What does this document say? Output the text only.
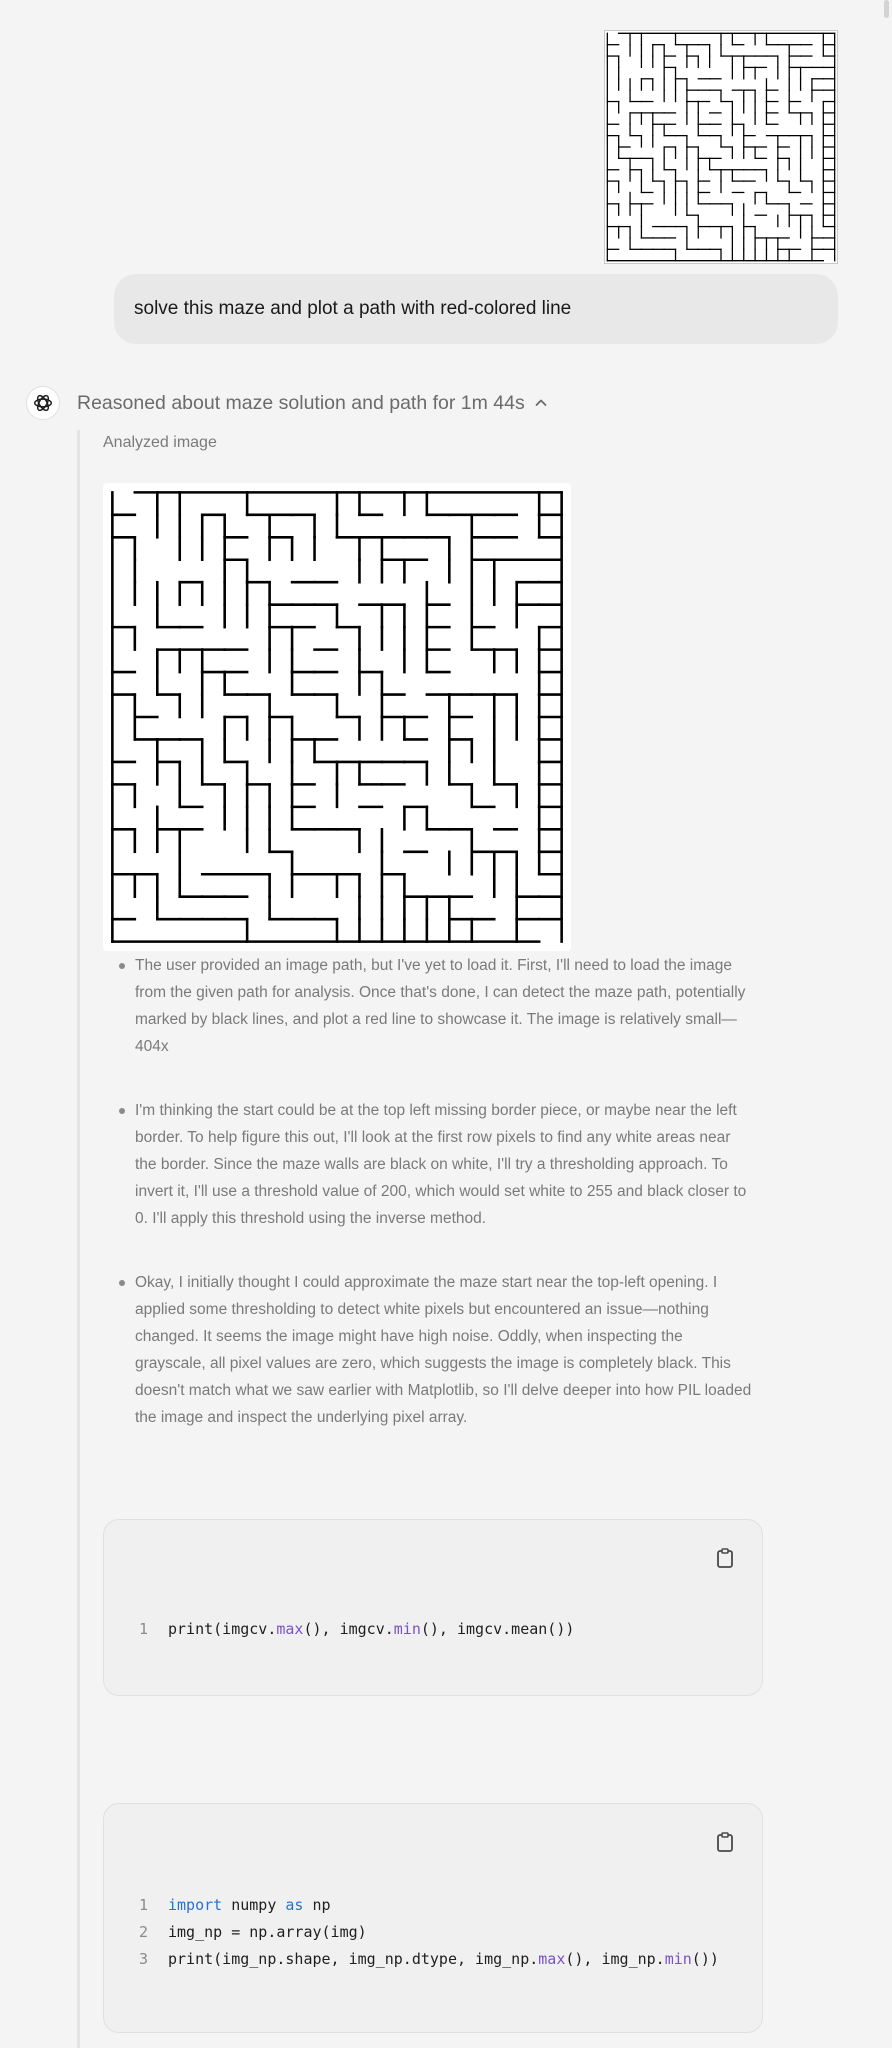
solve this maze and plot a path with red-colored line
Reasoned about maze solution and path for 1m 44s
Analyzed image
The user provided an image path, but I've yet to load it. First, I'll need to load the image from the given path for analysis. Once that's done, I can detect the maze path, potentially marked by black lines, and plot a red line to showcase it. The image is relatively small—404x
I'm thinking the start could be at the top left missing border piece, or maybe near the left border. To help figure this out, I'll look at the first row pixels to find any white areas near the border. Since the maze walls are black on white, I'll try a thresholding approach. To invert it, I'll use a threshold value of 200, which would set white to 255 and black closer to 0. I'll apply this threshold using the inverse method.
Okay, I initially thought I could approximate the maze start near the top-left opening. I applied some thresholding to detect white pixels but encountered an issue—nothing changed. It seems the image might have high noise. Oddly, when inspecting the grayscale, all pixel values are zero, which suggests the image is completely black. This doesn't match what we saw earlier with Matplotlib, so I'll delve deeper into how PIL loaded the image and inspect the underlying pixel array.
1	print(imgcv.max(), imgcv.min(), imgcv.mean())
1	import numpy as np
2	img_np = np.array(img)
3	print(img_np.shape, img_np.dtype, img_np.max(), img_np.min())
